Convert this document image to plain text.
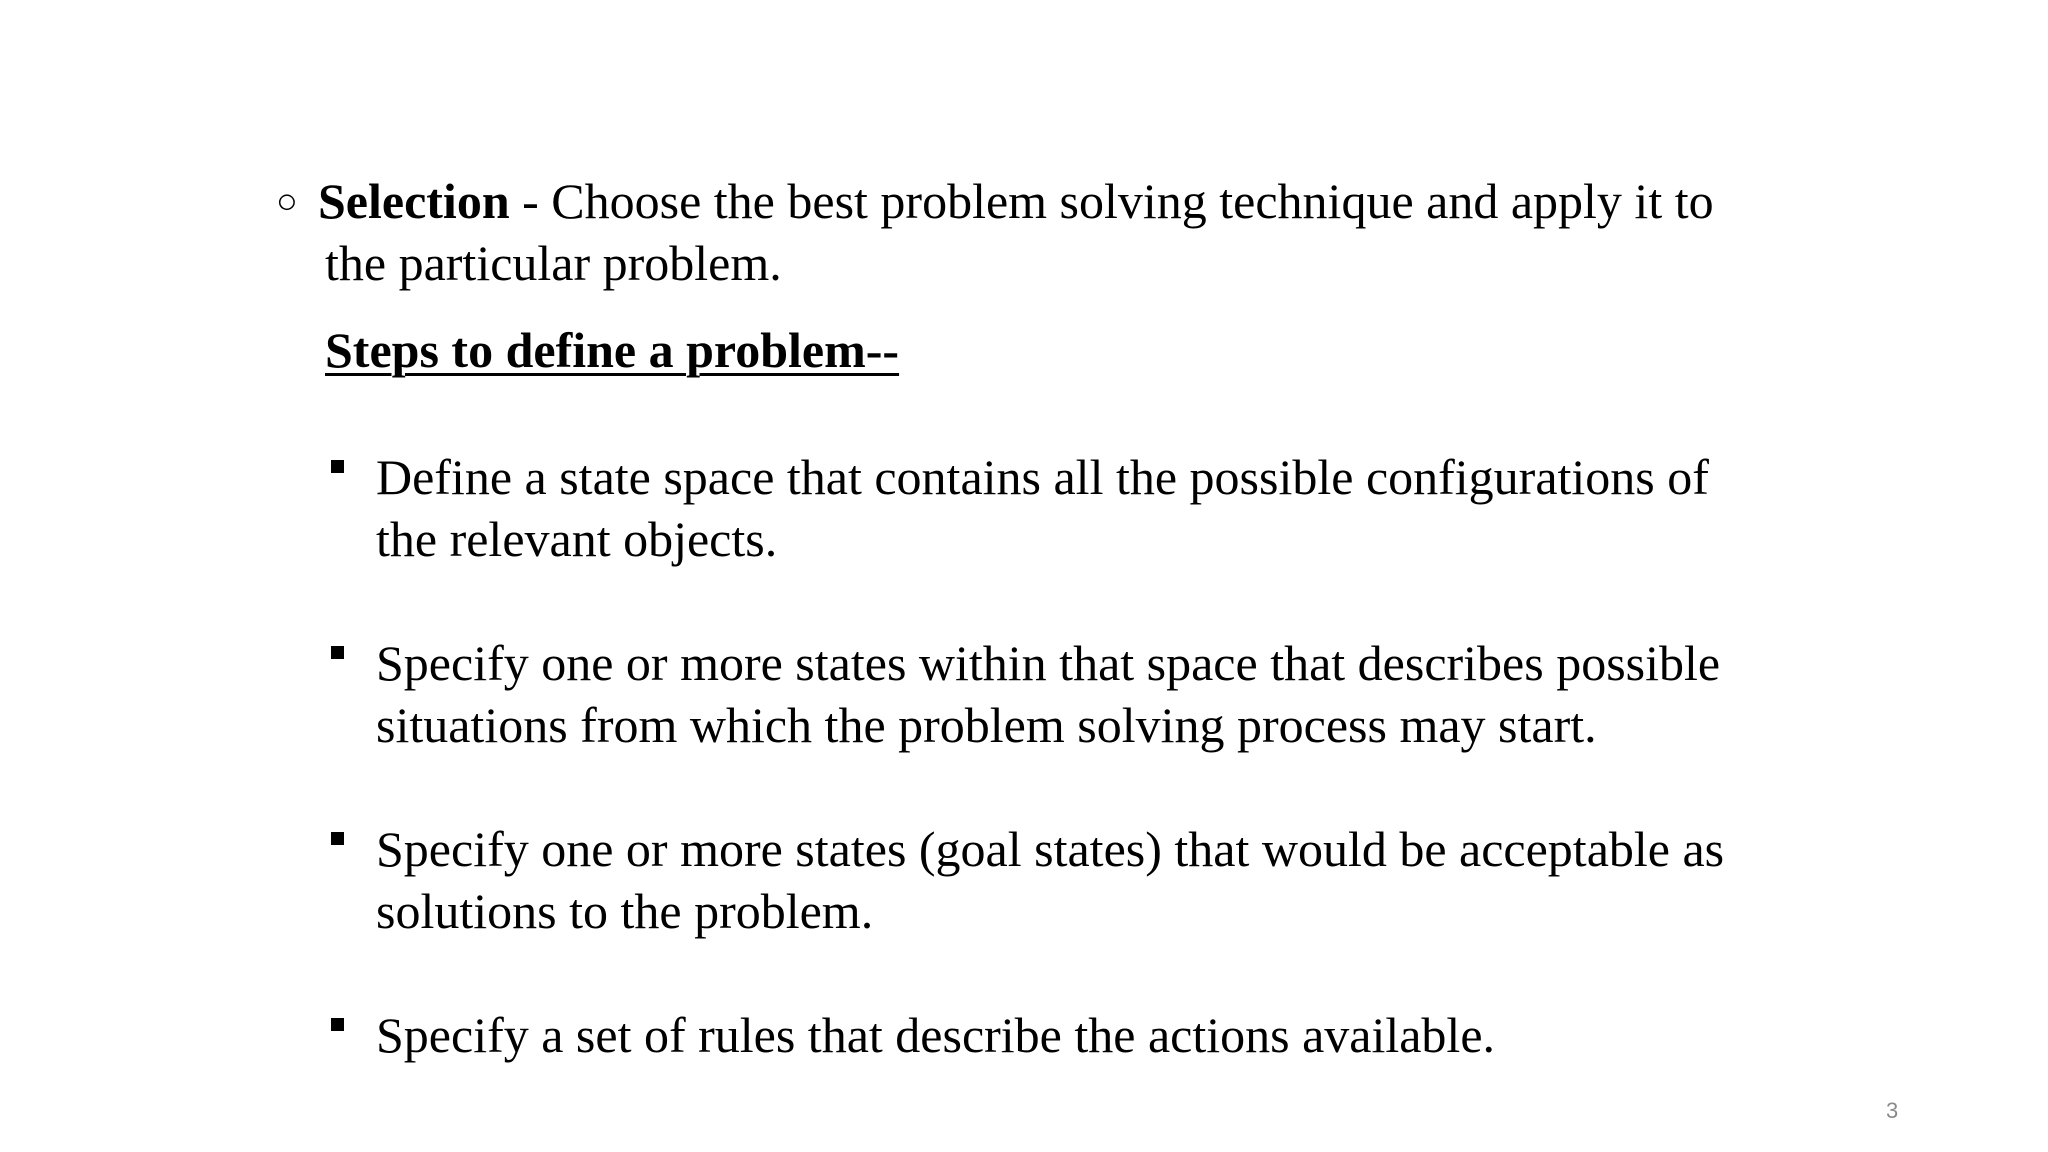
○ Selection - Choose the best problem solving technique and apply it to
the particular problem.
Steps to define a problem--
Define a state space that contains all the possible configurations of the relevant objects.
Specify one or more states within that space that describes possible situations from which the problem solving process may start.
Specify one or more states (goal states) that would be acceptable as solutions to the problem.
Specify a set of rules that describe the actions available.
3
